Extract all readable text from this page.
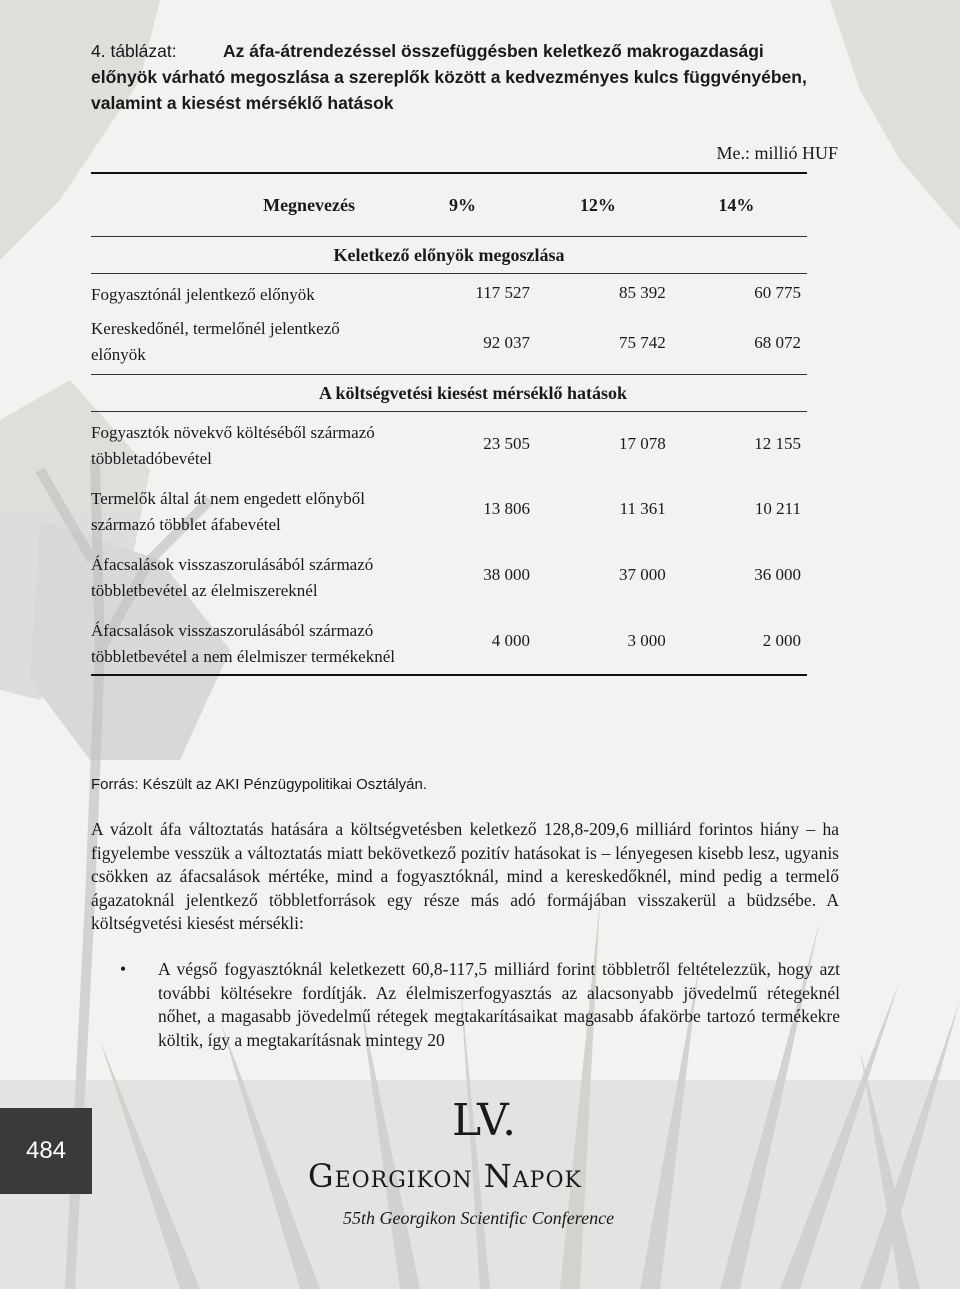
4. táblázat:	Az áfa-átrendezéssel összefüggésben keletkező makrogazdasági előnyök várható megoszlása a szereplők között a kedvezményes kulcs függvényében, valamint a kiesést mérséklő hatások
Me.: millió HUF
Megnevezés	9%	12%	14%
Keletkező előnyök megoszlása			
Fogyasztónál jelentkező előnyök	117 527	85 392	60 775
Kereskedőnél, termelőnél jelentkező előnyök	92 037	75 742	68 072
A költségvetési kiesést mérséklő hatások			
Fogyasztók növekvő költéséből származó többletadóbevétel	23 505	17 078	12 155
Termelők által át nem engedett előnyből származó többlet áfabevétel	13 806	11 361	10 211
Áfacsalások visszaszorulásából származó többletbevétel az élelmiszereknél	38 000	37 000	36 000
Áfacsalások visszaszorulásából származó többletbevétel a nem élelmiszer termékeknél	4 000	3 000	2 000
Forrás: Készült az AKI Pénzügypolitikai Osztályán.
A vázolt áfa változtatás hatására a költségvetésben keletkező 128,8-209,6 milliárd forintos hiány – ha figyelembe vesszük a változtatás miatt bekövetkező pozitív hatásokat is – lényegesen kisebb lesz, ugyanis csökken az áfacsalások mértéke, mind a fogyasztóknál, mind a kereskedőknél, mind pedig a termelő ágazatoknál jelentkező többletforrások egy része más adó formájában visszakerül a büdzsébe. A költségvetési kiesést mérsékli:
• A végső fogyasztóknál keletkezett 60,8-117,5 milliárd forint többletről feltételezzük, hogy azt további költésekre fordítják. Az élelmiszerfogyasztás az alacsonyabb jövedelmű rétegeknél nőhet, a magasabb jövedelmű rétegek megtakarításaikat magasabb áfakörbe tartozó termékekre költik, így a megtakarításnak mintegy 20
484
LV.
Georgikon Napok
55th Georgikon Scientific Conference
